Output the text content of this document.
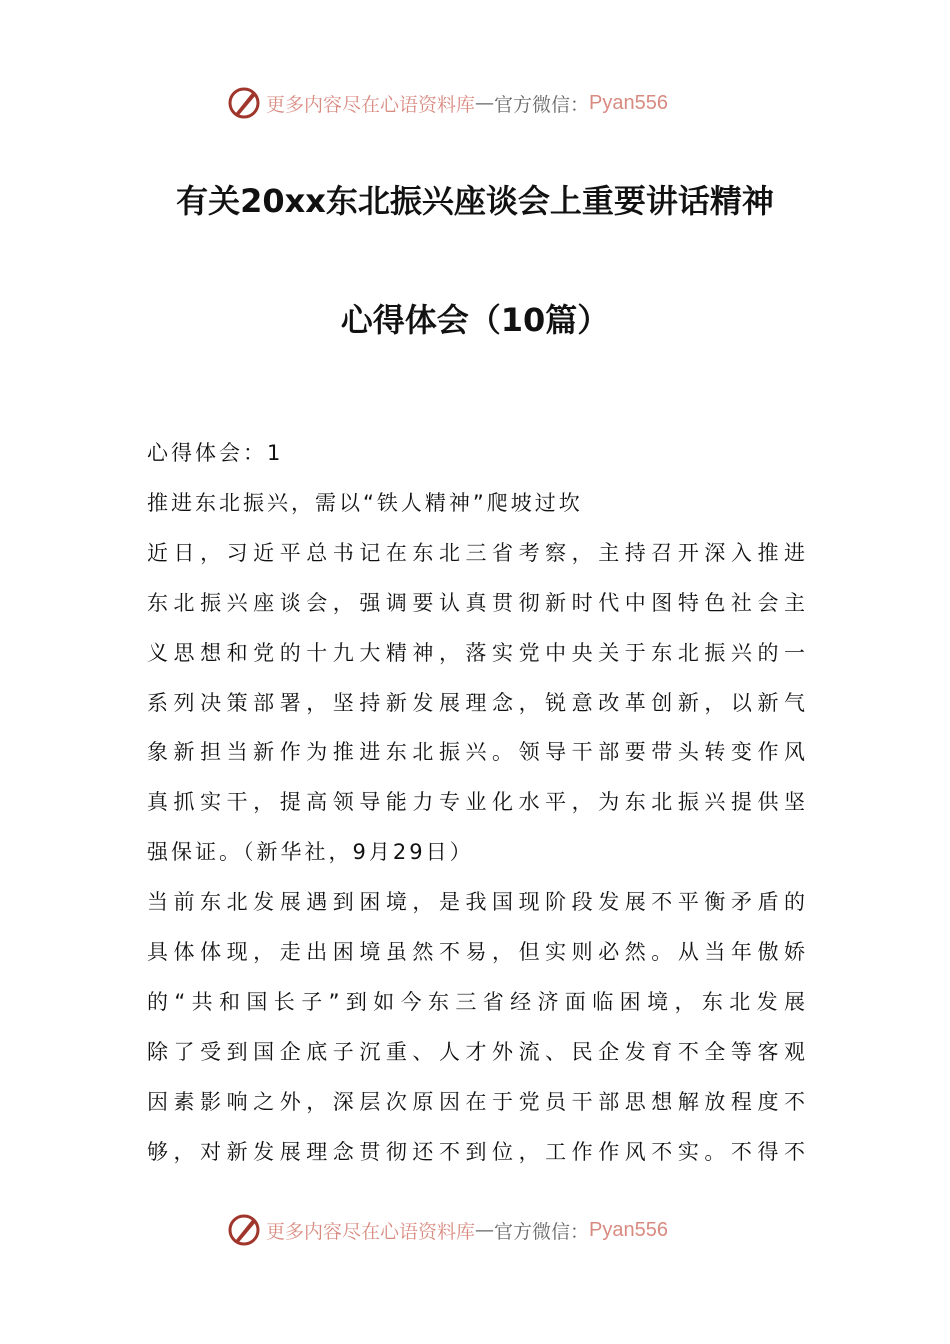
更多内容尽在心语资料库 — 官方微信： Pyan556
有关20xx东北振兴座谈会上重要讲话精神
心得体会（10篇）
心得体会：1
推进东北振兴，需以“铁人精神”爬坡过坎
近日，习近平总书记在东北三省考察，主持召开深入推进
东北振兴座谈会，强调要认真贯彻新时代中图特色社会主
义思想和党的十九大精神，落实党中央关于东北振兴的一
系列决策部署，坚持新发展理念，锐意改革创新，以新气
象新担当新作为推进东北振兴。领导干部要带头转变作风
真抓实干，提高领导能力专业化水平，为东北振兴提供坚
强保证。（新华社，9月29日）
当前东北发展遇到困境，是我国现阶段发展不平衡矛盾的
具体体现，走出困境虽然不易，但实则必然。从当年傲娇
的“共和国长子”到如今东三省经济面临困境，东北发展
除了受到国企底子沉重、人才外流、民企发育不全等客观
因素影响之外，深层次原因在于党员干部思想解放程度不
够，对新发展理念贯彻还不到位，工作作风不实。不得不
更多内容尽在心语资料库 — 官方微信： Pyan556
